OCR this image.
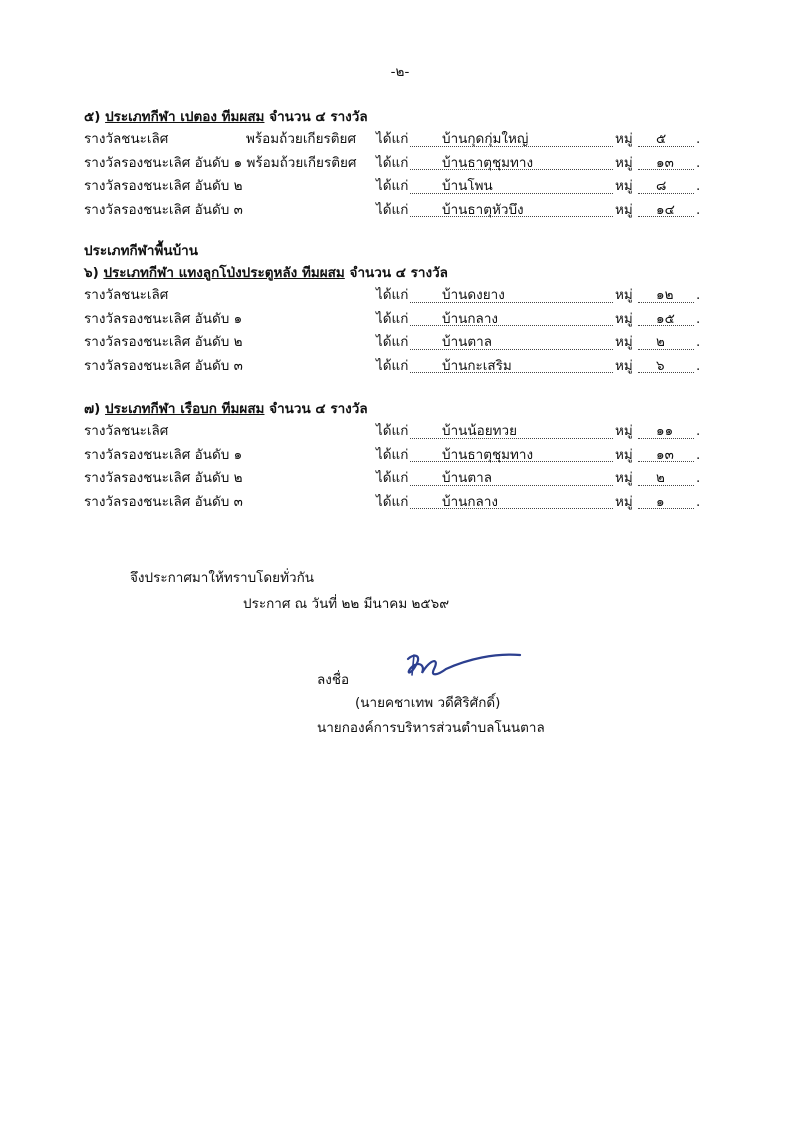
-๒-
๕) ประเภทกีฬา เปตอง ทีมผสม จำนวน ๔ รางวัล
รางวัลชนะเลิศ	พร้อมถ้วยเกียรติยศ ได้แก่ บ้านกุดกุ่มใหญ่	หมู่ ๕ .
รางวัลรองชนะเลิศ อันดับ ๑ พร้อมถ้วยเกียรติยศ ได้แก่ บ้านธาตุชุมทาง	หมู่ ๑๓ .
รางวัลรองชนะเลิศ อันดับ ๒	ได้แก่ บ้านโพน	หมู่ ๘ .
รางวัลรองชนะเลิศ อันดับ ๓	ได้แก่ บ้านธาตุหัวบึง	หมู่ ๑๔ .
ประเภทกีฬาพื้นบ้าน
๖) ประเภทกีฬา แทงลูกโป่งประตูหลัง ทีมผสม จำนวน ๔ รางวัล
รางวัลชนะเลิศ	ได้แก่ บ้านดงยาง	หมู่ ๑๒ .
รางวัลรองชนะเลิศ อันดับ ๑	ได้แก่ บ้านกลาง	หมู่ ๑๕ .
รางวัลรองชนะเลิศ อันดับ ๒	ได้แก่ บ้านตาล	หมู่ ๒ .
รางวัลรองชนะเลิศ อันดับ ๓	ได้แก่ บ้านกะเสริม	หมู่ ๖ .
๗) ประเภทกีฬา เรือบก ทีมผสม จำนวน ๔ รางวัล
รางวัลชนะเลิศ	ได้แก่ บ้านน้อยทวย	หมู่ ๑๑ .
รางวัลรองชนะเลิศ อันดับ ๑	ได้แก่ บ้านธาตุชุมทาง	หมู่ ๑๓ .
รางวัลรองชนะเลิศ อันดับ ๒	ได้แก่ บ้านตาล	หมู่ ๒ .
รางวัลรองชนะเลิศ อันดับ ๓	ได้แก่ บ้านกลาง	หมู่ ๑ .
จึงประกาศมาให้ทราบโดยทั่วกัน
ประกาศ ณ วันที่ ๒๒ มีนาคม ๒๕๖๙
ลงชื่อ
(นายคชาเทพ วดีศิริศักดิ์)
นายกองค์การบริหารส่วนตำบลโนนตาล
